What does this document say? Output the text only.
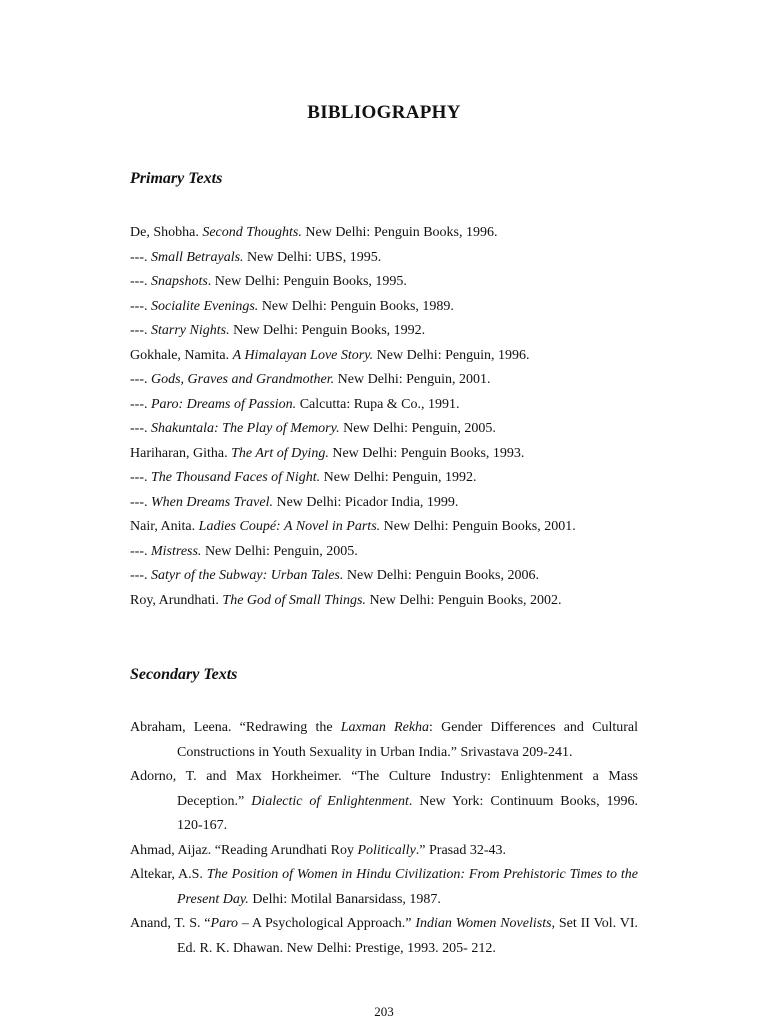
BIBLIOGRAPHY
Primary Texts
De, Shobha. Second Thoughts. New Delhi: Penguin Books, 1996.
---. Small Betrayals. New Delhi: UBS, 1995.
---. Snapshots. New Delhi: Penguin Books, 1995.
---. Socialite Evenings. New Delhi: Penguin Books, 1989.
---. Starry Nights. New Delhi: Penguin Books, 1992.
Gokhale, Namita. A Himalayan Love Story. New Delhi: Penguin, 1996.
---. Gods, Graves and Grandmother. New Delhi: Penguin, 2001.
---. Paro: Dreams of Passion. Calcutta: Rupa & Co., 1991.
---. Shakuntala: The Play of Memory. New Delhi: Penguin, 2005.
Hariharan, Githa. The Art of Dying. New Delhi: Penguin Books, 1993.
---. The Thousand Faces of Night. New Delhi: Penguin, 1992.
---. When Dreams Travel. New Delhi: Picador India, 1999.
Nair, Anita. Ladies Coupé: A Novel in Parts. New Delhi: Penguin Books, 2001.
---. Mistress. New Delhi: Penguin, 2005.
---. Satyr of the Subway: Urban Tales. New Delhi: Penguin Books, 2006.
Roy, Arundhati. The God of Small Things. New Delhi: Penguin Books, 2002.
Secondary Texts
Abraham, Leena. “Redrawing the Laxman Rekha: Gender Differences and Cultural Constructions in Youth Sexuality in Urban India.” Srivastava 209-241.
Adorno, T. and Max Horkheimer. “The Culture Industry: Enlightenment a Mass Deception.” Dialectic of Enlightenment. New York: Continuum Books, 1996. 120-167.
Ahmad, Aijaz. “Reading Arundhati Roy Politically.” Prasad 32-43.
Altekar, A.S. The Position of Women in Hindu Civilization: From Prehistoric Times to the Present Day. Delhi: Motilal Banarsidass, 1987.
Anand, T. S. “Paro – A Psychological Approach.” Indian Women Novelists, Set II Vol. VI. Ed. R. K. Dhawan. New Delhi: Prestige, 1993. 205- 212.
203
